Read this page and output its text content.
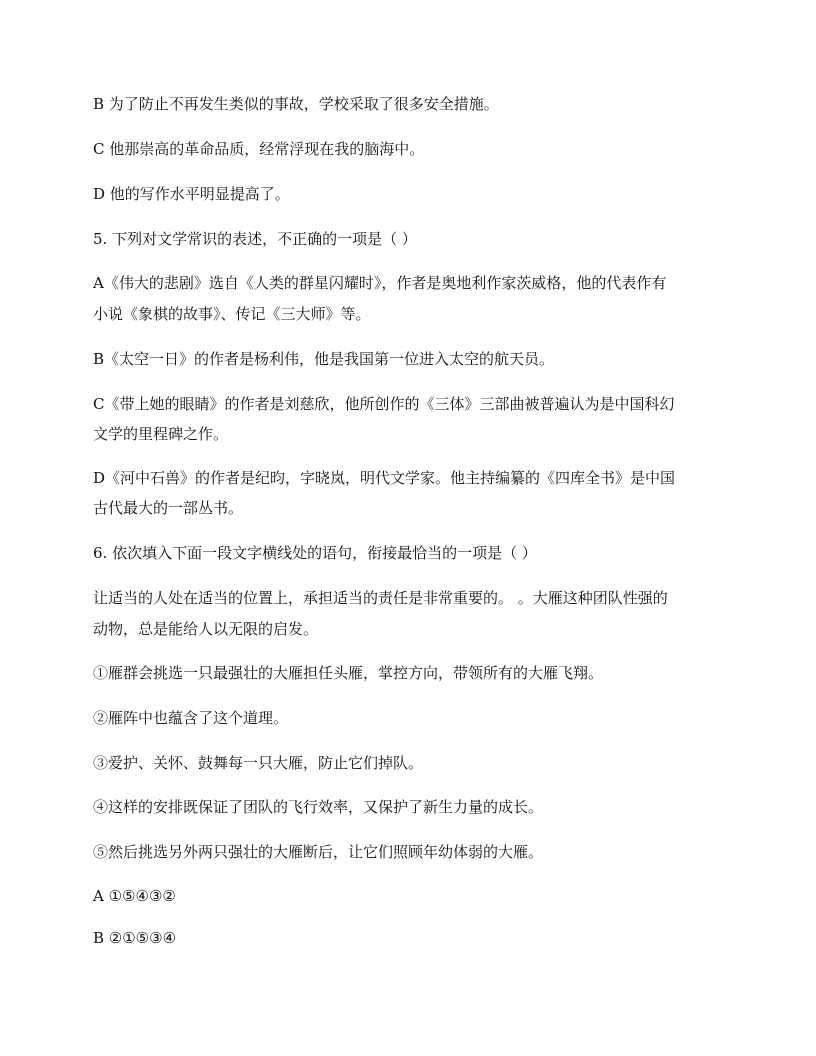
B 为了防止不再发生类似的事故，学校采取了很多安全措施。
C 他那崇高的革命品质，经常浮现在我的脑海中。
D 他的写作水平明显提高了。
5. 下列对文学常识的表述，不正确的一项是（ ）
A《伟大的悲剧》选自《人类的群星闪耀时》，作者是奥地利作家茨威格，他的代表作有
小说《象棋的故事》、传记《三大师》等。
B《太空一日》的作者是杨利伟，他是我国第一位进入太空的航天员。
C《带上她的眼睛》的作者是刘慈欣，他所创作的《三体》三部曲被普遍认为是中国科幻
文学的里程碑之作。
D《河中石兽》的作者是纪昀，字晓岚，明代文学家。他主持编纂的《四库全书》是中国
古代最大的一部丛书。
6. 依次填入下面一段文字横线处的语句，衔接最恰当的一项是（ ）
让适当的人处在适当的位置上，承担适当的责任是非常重要的。 。大雁这种团队性强的
动物，总是能给人以无限的启发。
①雁群会挑选一只最强壮的大雁担任头雁，掌控方向，带领所有的大雁飞翔。
②雁阵中也蕴含了这个道理。
③爱护、关怀、鼓舞每一只大雁，防止它们掉队。
④这样的安排既保证了团队的飞行效率，又保护了新生力量的成长。
⑤然后挑选另外两只强壮的大雁断后，让它们照顾年幼体弱的大雁。
A ①⑤④③②
B ②①⑤③④
